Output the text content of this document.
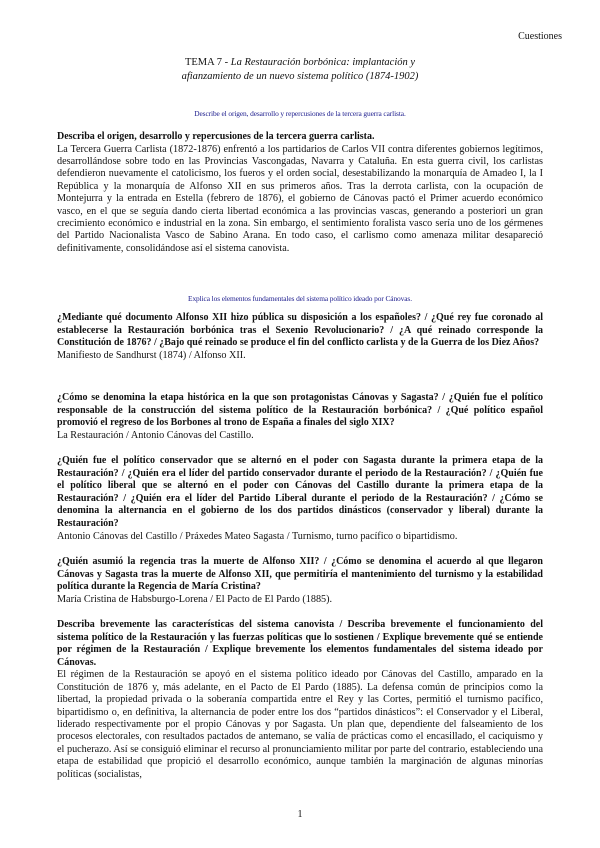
Cuestiones
TEMA 7 - La Restauración borbónica: implantación y
afianzamiento de un nuevo sistema político (1874-1902)
Describe el origen, desarrollo y repercusiones de la tercera guerra carlista.

Describa el origen, desarrollo y repercusiones de la tercera guerra carlista.

La Tercera Guerra Carlista (1872-1876) enfrentó a los partidarios de Carlos VII contra diferentes gobiernos legítimos, desarrollándose sobre todo en las Provincias Vascongadas, Navarra y Cataluña. En esta guerra civil, los carlistas defendieron nuevamente el catolicismo, los fueros y el orden social, desestabilizando la monarquía de Amadeo I, la I República y la monarquía de Alfonso XII en sus primeros años. Tras la derrota carlista, con la ocupación de Montejurra y la entrada en Estella (febrero de 1876), el gobierno de Cánovas pactó el Primer acuerdo económico vasco, en el que se seguía dando cierta libertad económica a las provincias vascas, generando a posteriori un gran crecimiento económico e industrial en la zona. Sin embargo, el sentimiento foralista vasco sería uno de los gérmenes del Partido Nacionalista Vasco de Sabino Arana. En todo caso, el carlismo como amenaza militar desapareció definitivamente, consolidándose así el sistema canovista.

Explica los elementos fundamentales del sistema político ideado por Cánovas.

¿Mediante qué documento Alfonso XII hizo pública su disposición a los españoles? / ¿Qué rey fue coronado al establecerse la Restauración borbónica tras el Sexenio Revolucionario? / ¿A qué reinado corresponde la Constitución de 1876? / ¿Bajo qué reinado se produce el fin del conflicto carlista y de la Guerra de los Diez Años?

Manifiesto de Sandhurst (1874) / Alfonso XII.

¿Cómo se denomina la etapa histórica en la que son protagonistas Cánovas y Sagasta? / ¿Quién fue el político responsable de la construcción del sistema político de la Restauración borbónica? / ¿Qué político español promovió el regreso de los Borbones al trono de España a finales del siglo XIX?

La Restauración / Antonio Cánovas del Castillo.

¿Quién fue el político conservador que se alternó en el poder con Sagasta durante la primera etapa de la Restauración? / ¿Quién era el líder del partido conservador durante el periodo de la Restauración? / ¿Quién fue el político liberal que se alternó en el poder con Cánovas del Castillo durante la primera etapa de la Restauración? / ¿Quién era el líder del Partido Liberal durante el periodo de la Restauración? / ¿Cómo se denomina la alternancia en el gobierno de los dos partidos dinásticos (conservador y liberal) durante la Restauración?

Antonio Cánovas del Castillo / Práxedes Mateo Sagasta / Turnismo, turno pacífico o bipartidismo.

¿Quién asumió la regencia tras la muerte de Alfonso XII? / ¿Cómo se denomina el acuerdo al que llegaron Cánovas y Sagasta tras la muerte de Alfonso XII, que permitiría el mantenimiento del turnismo y la estabilidad política durante la Regencia de María Cristina?

María Cristina de Habsburgo-Lorena / El Pacto de El Pardo (1885).

Describa brevemente las características del sistema canovista / Describa brevemente el funcionamiento del sistema político de la Restauración y las fuerzas políticas que lo sostienen / Explique brevemente qué se entiende por régimen de la Restauración / Explique brevemente los elementos fundamentales del sistema ideado por Cánovas.

El régimen de la Restauración se apoyó en el sistema político ideado por Cánovas del Castillo, amparado en la Constitución de 1876 y, más adelante, en el Pacto de El Pardo (1885). La defensa común de principios como la libertad, la propiedad privada o la soberanía compartida entre el Rey y las Cortes, permitió el turnismo pacífico, bipartidismo o, en definitiva, la alternancia de poder entre los dos “partidos dinásticos”: el Conservador y el Liberal, liderado respectivamente por el propio Cánovas y por Sagasta. Un plan que, dependiente del falseamiento de los procesos electorales, con resultados pactados de antemano, se valía de prácticas como el encasillado, el caciquismo y el pucherazo. Así se consiguió eliminar el recurso al pronunciamiento militar por parte del contrario, estableciendo una etapa de estabilidad que propició el desarrollo económico, aunque también la marginación de algunas minorías políticas (socialistas,

1
